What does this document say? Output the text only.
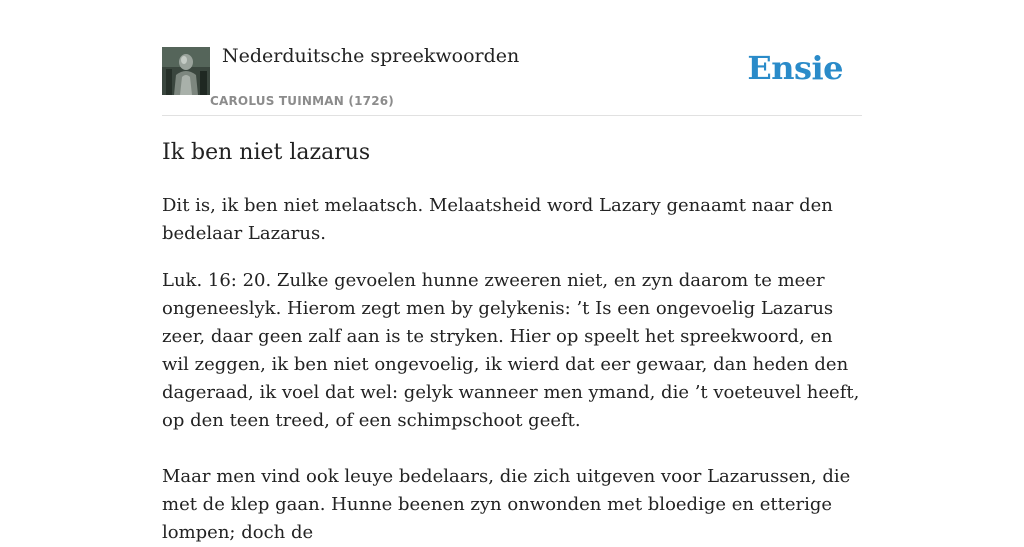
Nederduitsche spreekwoorden
CAROLUS TUINMAN (1726)
Ensie
Ik ben niet lazarus

Dit is, ik ben niet melaatsch. Melaatsheid word Lazary genaamt naar den bedelaar Lazarus.

Luk. 16: 20. Zulke gevoelen hunne zweeren niet, en zyn daarom te meer ongeneeslyk. Hierom zegt men by gelykenis: ’t Is een ongevoelig Lazarus zeer, daar geen zalf aan is te stryken. Hier op speelt het spreekwoord, en wil zeggen, ik ben niet ongevoelig, ik wierd dat eer gewaar, dan heden den dageraad, ik voel dat wel: gelyk wanneer men ymand, die ’t voeteuvel heeft, op den teen treed, of een schimpschoot geeft.

Maar men vind ook leuye bedelaars, die zich uitgeven voor Lazarussen, die met de klep gaan. Hunne beenen zyn onwonden met bloedige en etterige lompen; doch de
